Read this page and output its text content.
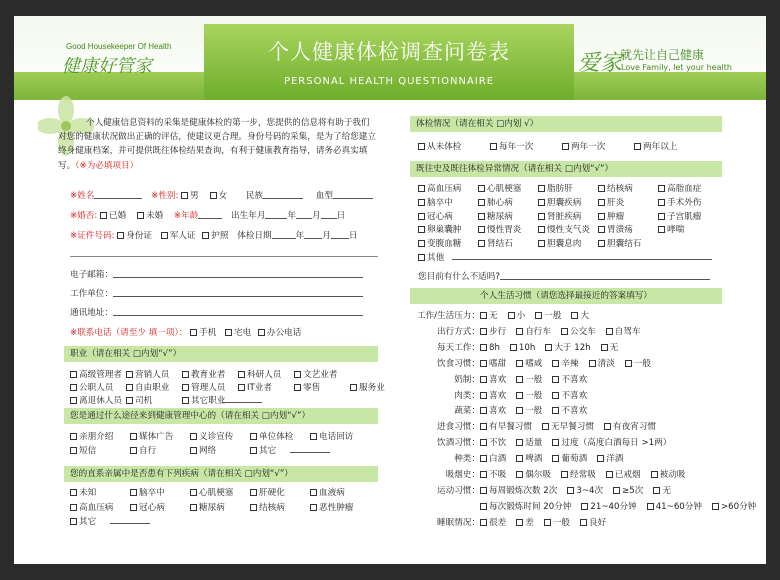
Good Housekeeper Of Health
健康好管家
个人健康体检调查问卷表
PERSONAL HEALTH QUESTIONNAIRE
爱家
就先让自己健康
Love Family, let your health
个人健康信息资料的采集是健康体检的第一步，您提供的信息将有助于我们对您的健康状况做出正确的评估，使建议更合理。身份号码的采集，是为了给您建立终身健康档案，并可提供既往体检结果查询，有利于健康教育指导，请务必真实填写。（※为必填项目）
※姓名	※性别: 男 女 民族	血型
※婚否: 已婚 未婚 ※年龄	出生年月	年 月 日
※证件号码: 身份证 军人证 护照 体检日期	年 月 日
电子邮箱：
工作单位：
通讯地址：
※联系电话（请至少 填一项）： 手机 宅电 办公电话
职业（请在相关 □内划“√”）
您是通过什么途径来到健康管理中心的（请在相关 □内划“√”）
您的直系亲属中是否患有下列疾病（请在相关 □内划“√”）
体检情况（请在相关 □内划 √）
既往史及既往体检异常情况（请在相关 □内划“√”）
个人生活习惯（请您选择最接近的答案填写）
高级管理者	营销人员	教育业者	科研人员	文艺业者
公职人员	自由职业	管理人员	IT业者	零售	服务业
离退休人员	司机	其它职业
亲朋介绍	媒体广告	义诊宣传	单位体检	电话回访
短信	自行	网络	其它
未知	脑卒中	心肌梗塞	肝硬化	血液病
高血压病	冠心病	糖尿病	结核病	恶性肿瘤
其它
从未体检	每年一次	两年一次	两年以上
高血压病	心肌梗塞	脂肪肝	结核病	高脂血症
脑卒中	肺心病	胆囊疾病	肝炎	手术外伤
冠心病	糖尿病	肾脏疾病	肿瘤	子宫肌瘤
卵巢囊肿	慢性胃炎	慢性支气炎	胃溃疡	哮喘
变腹血糖	肾结石	胆囊息肉	胆囊结石
其他
您目前有什么不适吗?
工作/生活压力： 无 小 一般 大
出行方式： 步行 自行车 公交车 自驾车
每天工作： 8h 10h 大于 12h 无
饮食习惯： 嗜甜 嗜咸 辛辣 清淡 一般
奶制： 喜欢 一般 不喜欢
肉类： 喜欢 一般 不喜欢
蔬菜： 喜欢 一般 不喜欢
进食习惯： 有早餐习惯 无早餐习惯 有夜宵习惯
饮酒习惯： 不饮 适量 过度（高度白酒每日 >1两）
种类： 白酒 啤酒 葡萄酒 洋酒
吸烟史： 不吸 偶尔吸 经常吸 已戒烟 被动吸
运动习惯： 每周锻炼次数 2次 3~4次 ≥5次 无
每次锻炼时间 20分钟 21~40分钟 41~60分钟 >60分钟
睡眠情况： 很差 差 一般 良好
